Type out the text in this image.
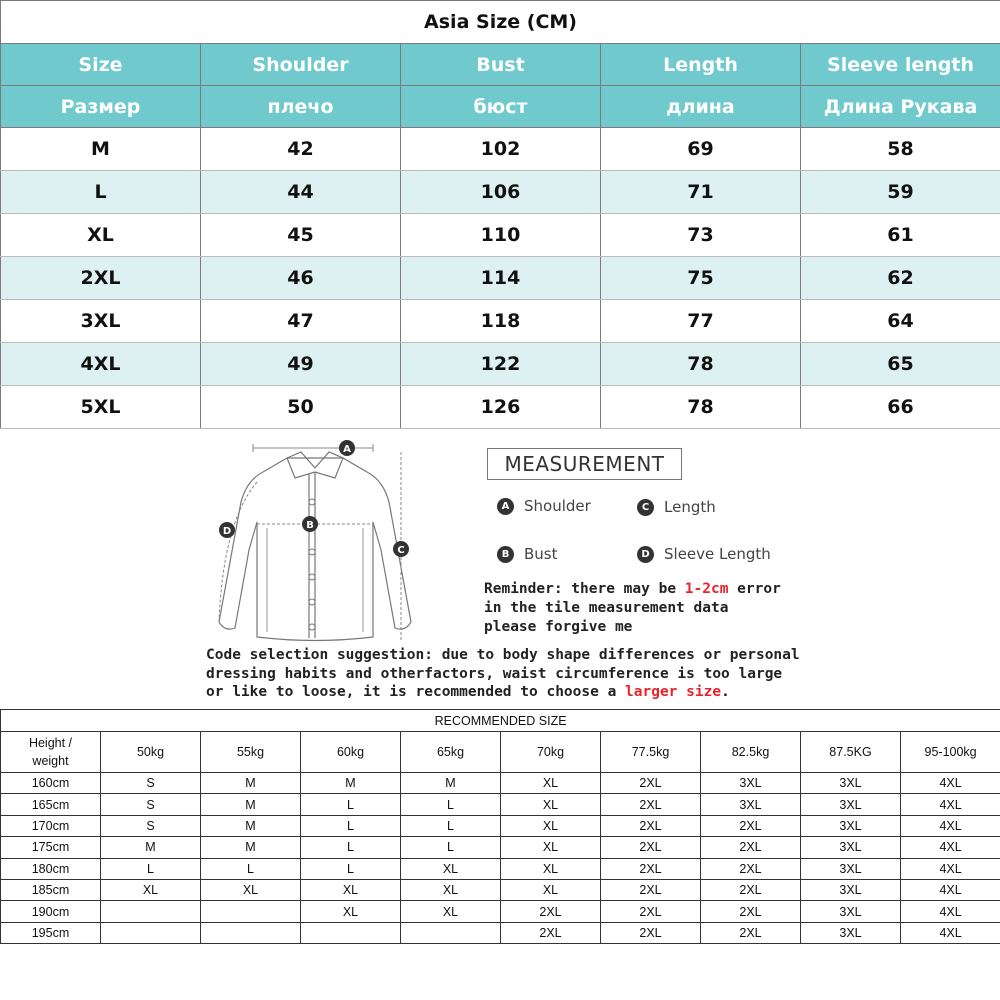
Asia Size (CM)				
Size	Shoulder	Bust	Length	Sleeve length
Размер	плечо	бюст	длина	Длина Рукава
M	42	102	69	58
L	44	106	71	59
XL	45	110	73	61
2XL	46	114	75	62
3XL	47	118	77	64
4XL	49	122	78	65
5XL	50	126	78	66
A
B
C
D
MEASUREMENT
A Shoulder	C Length
B Bust	D Sleeve Length
Reminder: there may be 1-2cm error
in the tile measurement data
please forgive me
Code selection suggestion: due to body shape differences or personal
dressing habits and otherfactors, waist circumference is too large
or like to loose, it is recommended to choose a larger size.
RECOMMENDED SIZE									

Height /
weight	50kg	55kg	60kg	65kg	70kg	77.5kg	82.5kg	87.5KG	95-100kg
160cm	S	M	M	M	XL	2XL	3XL	3XL	4XL
165cm	S	M	L	L	XL	2XL	3XL	3XL	4XL
170cm	S	M	L	L	XL	2XL	2XL	3XL	4XL
175cm	M	M	L	L	XL	2XL	2XL	3XL	4XL
180cm	L	L	L	XL	XL	2XL	2XL	3XL	4XL
185cm	XL	XL	XL	XL	XL	2XL	2XL	3XL	4XL
190cm			XL	XL	2XL	2XL	2XL	3XL	4XL
195cm					2XL	2XL	2XL	3XL	4XL
